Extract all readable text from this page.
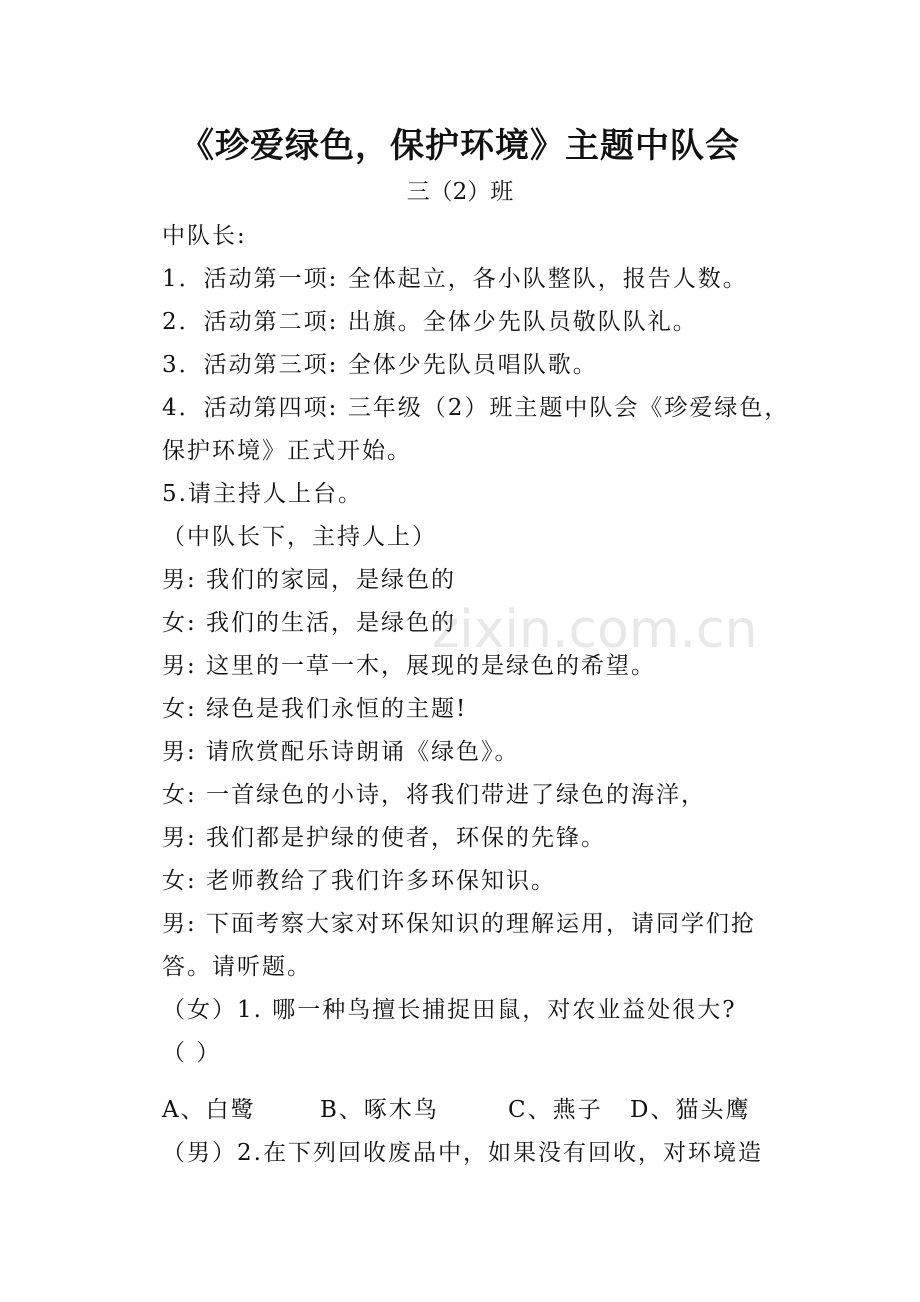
《珍爱绿色，保护环境》主题中队会
三（2）班
中队长:
1．活动第一项: 全体起立，各小队整队，报告人数。
2．活动第二项: 出旗。全体少先队员敬队队礼。
3．活动第三项: 全体少先队员唱队歌。
4．活动第四项: 三年级（2）班主题中队会《珍爱绿色，
保护环境》正式开始。
5.请主持人上台。
（中队长下，主持人上）
男: 我们的家园，是绿色的
女: 我们的生活，是绿色的
男: 这里的一草一木，展现的是绿色的希望。
女: 绿色是我们永恒的主题!
男: 请欣赏配乐诗朗诵《绿色》。
女: 一首绿色的小诗，将我们带进了绿色的海洋，
男: 我们都是护绿的使者，环保的先锋。
女: 老师教给了我们许多环保知识。
男: 下面考察大家对环保知识的理解运用，请同学们抢
答。请听题。
（女）1. 哪一种鸟擅长捕捉田鼠，对农业益处很大?
（ ）
A、白鹭	B、啄木鸟	C、燕子 D、猫头鹰
（男）2.在下列回收废品中，如果没有回收，对环境造
zixin.com.cn
